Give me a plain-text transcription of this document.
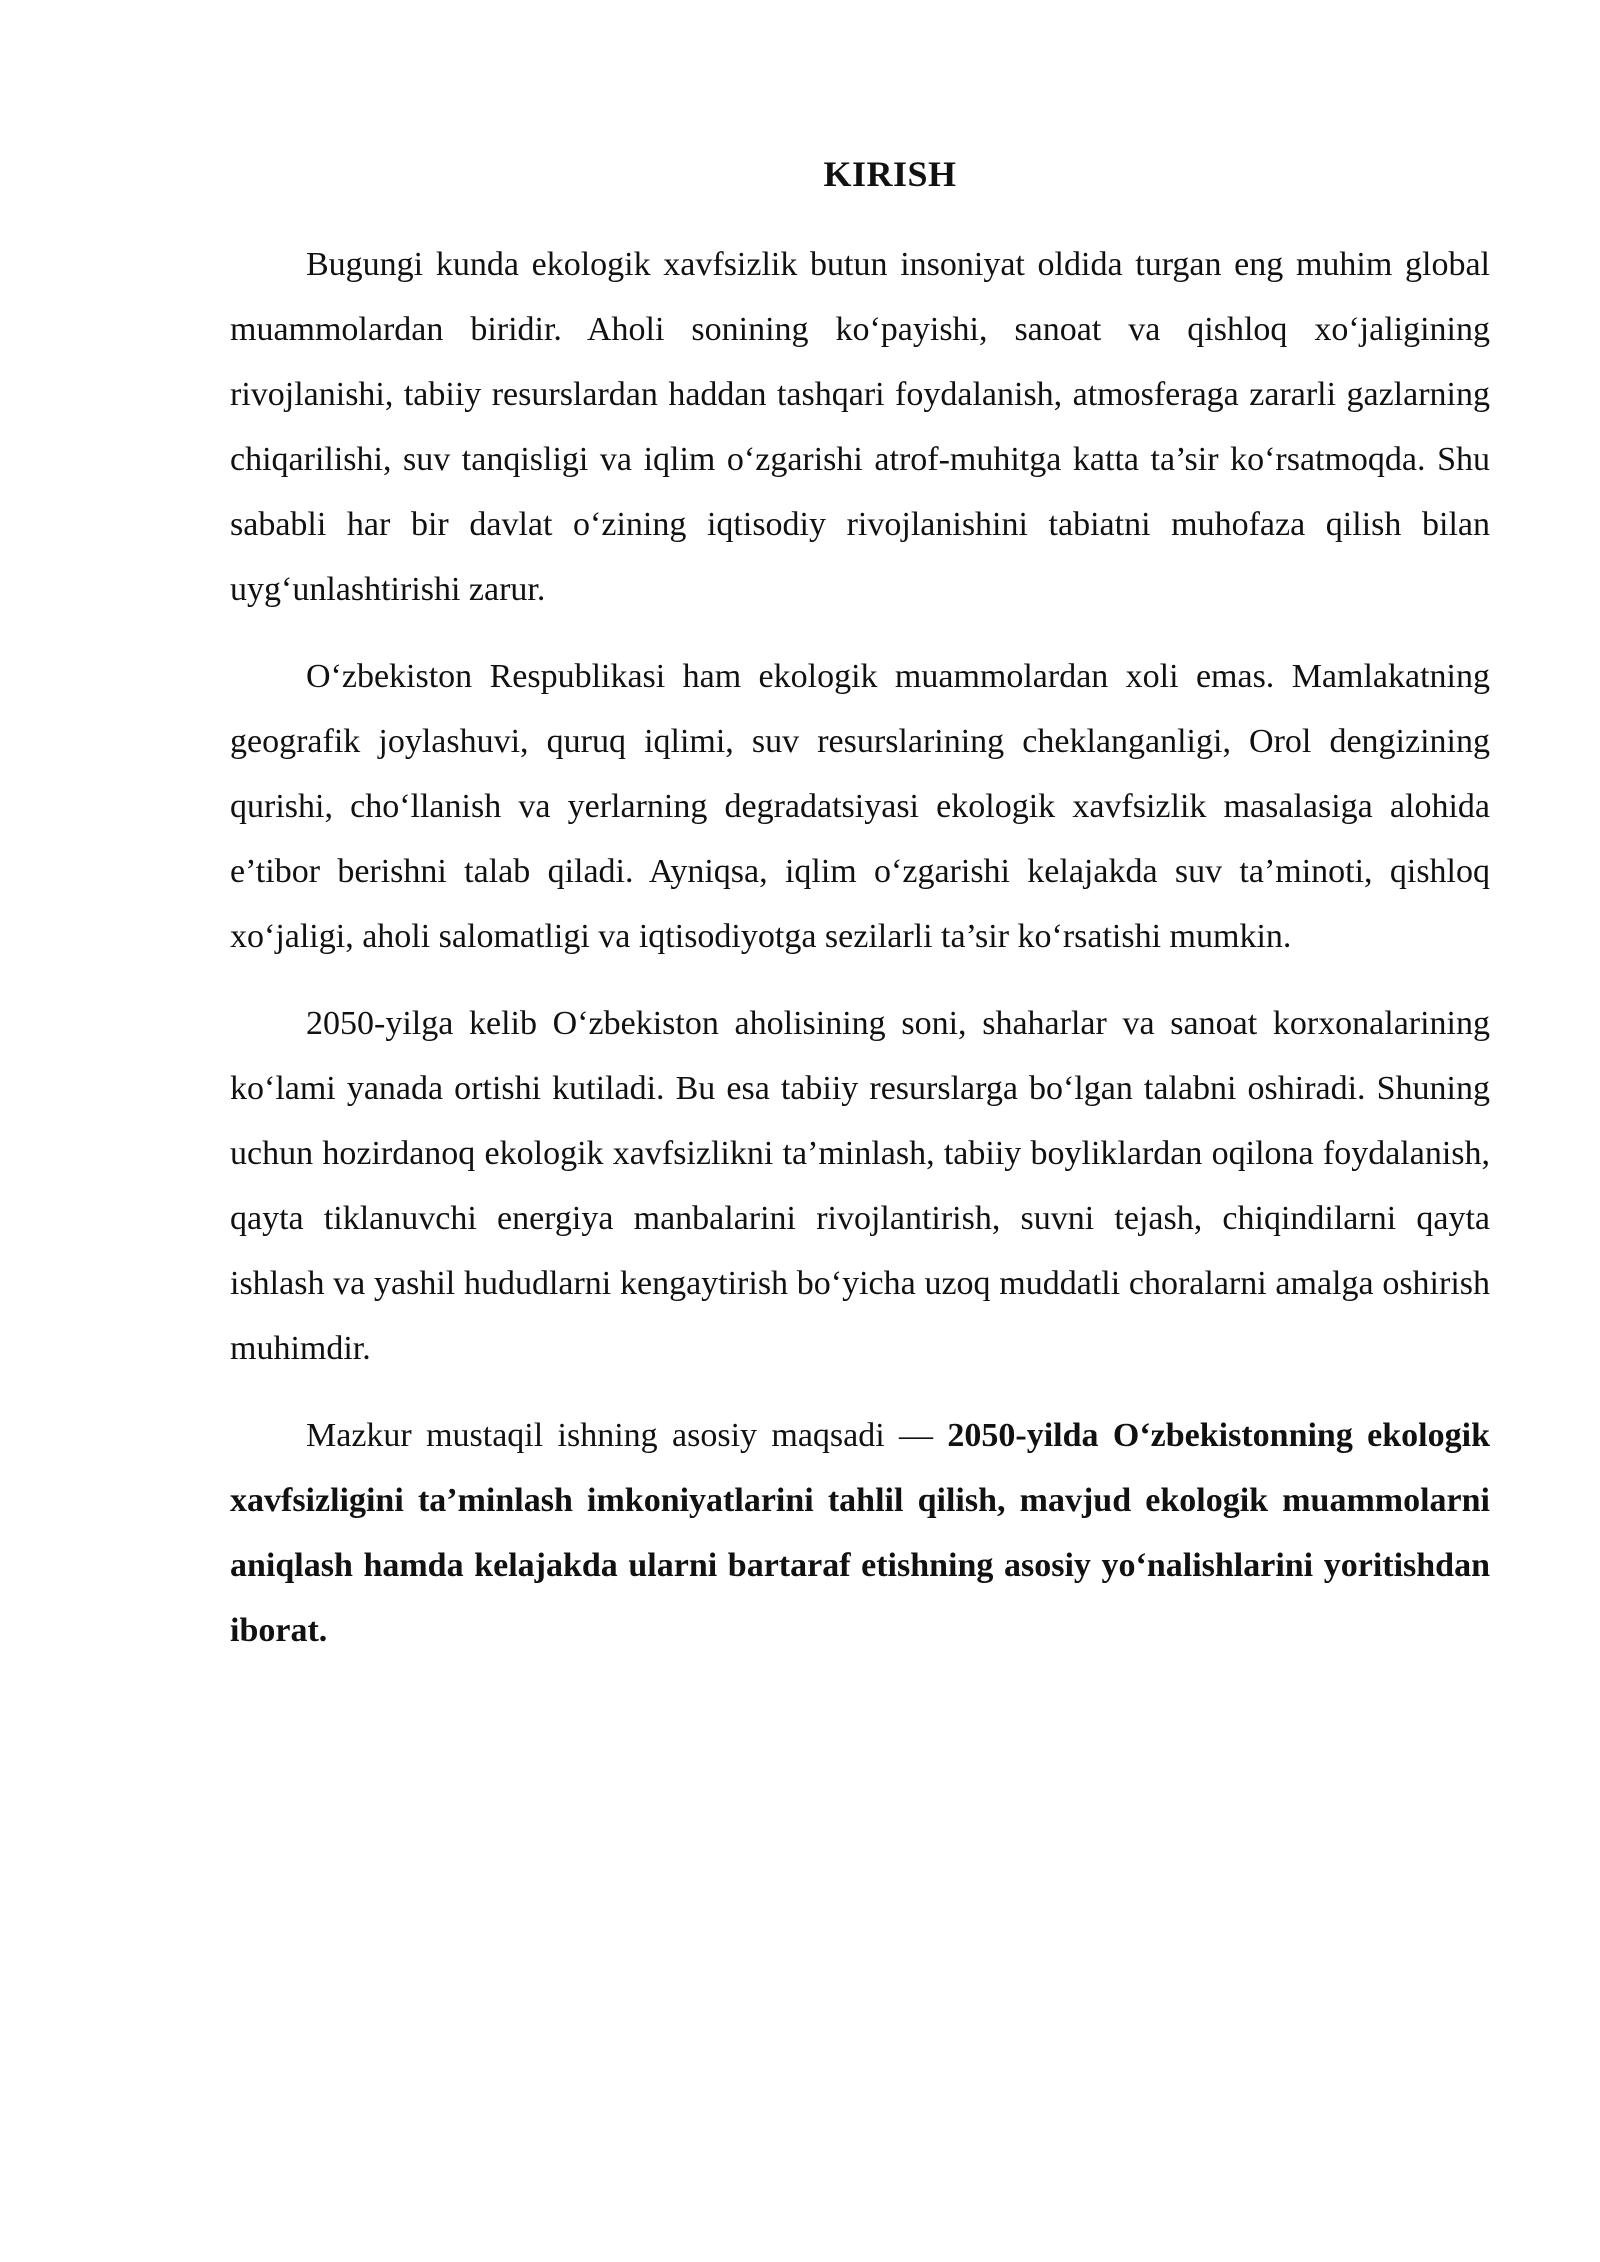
KIRISH

Bugungi kunda ekologik xavfsizlik butun insoniyat oldida turgan eng muhim global muammolardan biridir. Aholi sonining ko‘payishi, sanoat va qishloq xo‘jaligining rivojlanishi, tabiiy resurslardan haddan tashqari foydalanish, atmosferaga zararli gazlarning chiqarilishi, suv tanqisligi va iqlim o‘zgarishi atrof-muhitga katta ta’sir ko‘rsatmoqda. Shu sababli har bir davlat o‘zining iqtisodiy rivojlanishini tabiatni muhofaza qilish bilan uyg‘unlashtirishi zarur.

O‘zbekiston Respublikasi ham ekologik muammolardan xoli emas. Mamlakatning geografik joylashuvi, quruq iqlimi, suv resurslarining cheklanganligi, Orol dengizining qurishi, cho‘llanish va yerlarning degradatsiyasi ekologik xavfsizlik masalasiga alohida e’tibor berishni talab qiladi. Ayniqsa, iqlim o‘zgarishi kelajakda suv ta’minoti, qishloq xo‘jaligi, aholi salomatligi va iqtisodiyotga sezilarli ta’sir ko‘rsatishi mumkin.

2050-yilga kelib O‘zbekiston aholisining soni, shaharlar va sanoat korxonalarining ko‘lami yanada ortishi kutiladi. Bu esa tabiiy resurslarga bo‘lgan talabni oshiradi. Shuning uchun hozirdanoq ekologik xavfsizlikni ta’minlash, tabiiy boyliklardan oqilona foydalanish, qayta tiklanuvchi energiya manbalarini rivojlantirish, suvni tejash, chiqindilarni qayta ishlash va yashil hududlarni kengaytirish bo‘yicha uzoq muddatli choralarni amalga oshirish muhimdir.

Mazkur mustaqil ishning asosiy maqsadi — 2050-yilda O‘zbekistonning ekologik xavfsizligini ta’minlash imkoniyatlarini tahlil qilish, mavjud ekologik muammolarni aniqlash hamda kelajakda ularni bartaraf etishning asosiy yo‘nalishlarini yoritishdan iborat.
